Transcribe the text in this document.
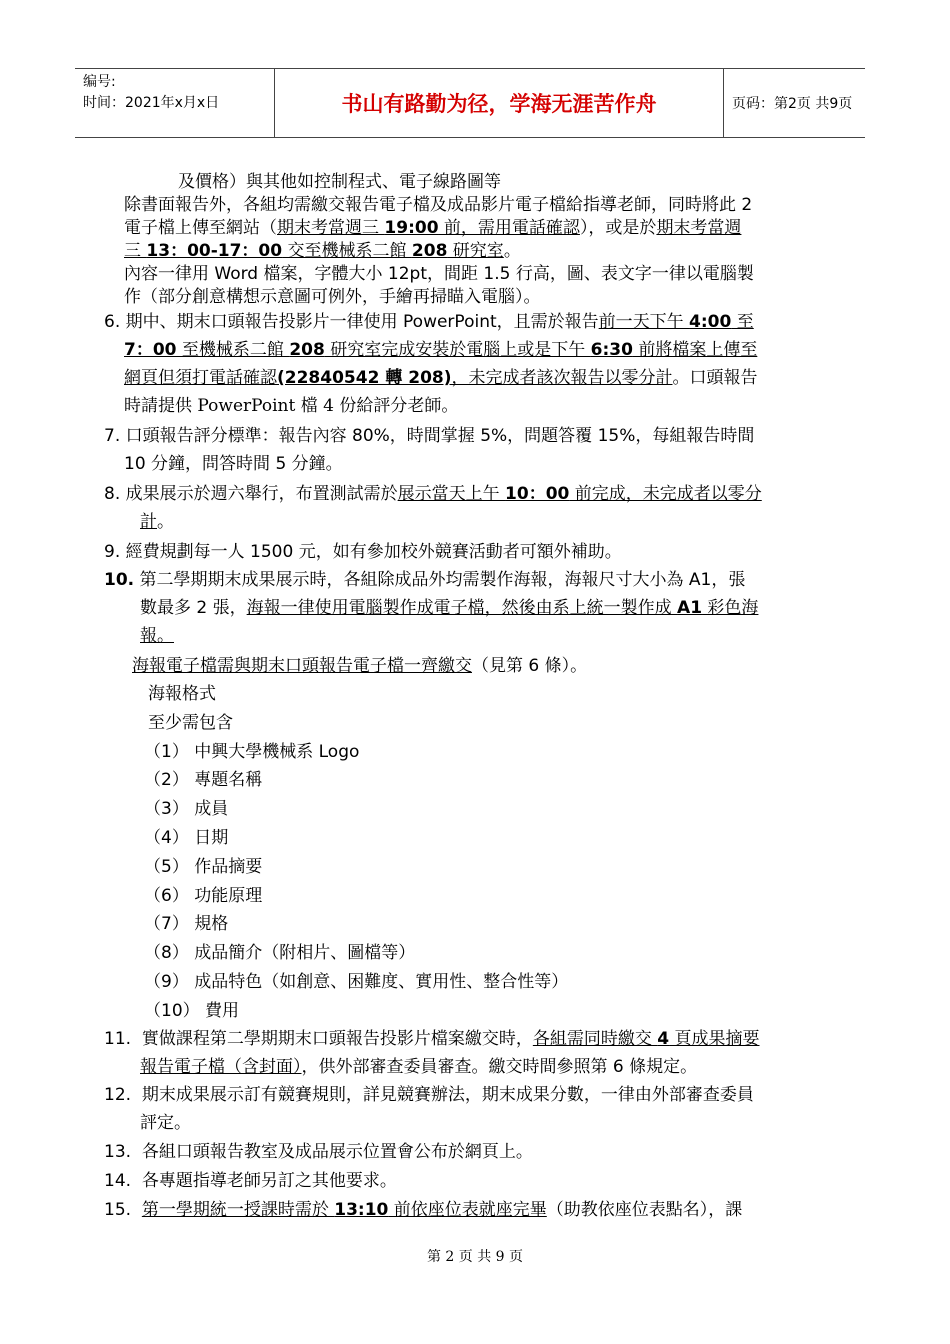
编号:
时间：2021年x月x日	书山有路勤为径，学海无涯苦作舟	页码：第2页 共9页
及價格）與其他如控制程式、電子線路圖等
除書面報告外，各組均需繳交報告電子檔及成品影片電子檔給指導老師，同時將此 2
電子檔上傳至網站（期末考當週三 19:00 前，需用電話確認），或是於期末考當週
三 13：00-17：00 交至機械系二館 208 研究室。
內容一律用 Word 檔案，字體大小 12pt，間距 1.5 行高，圖、表文字一律以電腦製
作（部分創意構想示意圖可例外，手繪再掃瞄入電腦）。
6. 期中、期末口頭報告投影片一律使用 PowerPoint，且需於報告前一天下午 4:00 至
7：00 至機械系二館 208 研究室完成安裝於電腦上或是下午 6:30 前將檔案上傳至
網頁但須打電話確認(22840542 轉 208)，未完成者該次報告以零分計。口頭報告
時請提供 PowerPoint 檔 4 份給評分老師。
7. 口頭報告評分標準：報告內容 80%，時間掌握 5%，問題答覆 15%，每組報告時間
10 分鐘，問答時間 5 分鐘。
8. 成果展示於週六舉行，布置測試需於展示當天上午 10：00 前完成，未完成者以零分
計。
9. 經費規劃每一人 1500 元，如有參加校外競賽活動者可額外補助。
10. 第二學期期末成果展示時，各組除成品外均需製作海報，海報尺寸大小為 A1，張
數最多 2 張，海報一律使用電腦製作成電子檔，然後由系上統一製作成 A1 彩色海
報。
海報電子檔需與期末口頭報告電子檔一齊繳交（見第 6 條）。
海報格式
至少需包含
（1） 中興大學機械系 Logo
（2） 專題名稱
（3） 成員
（4） 日期
（5） 作品摘要
（6） 功能原理
（7） 規格
（8） 成品簡介（附相片、圖檔等）
（9） 成品特色（如創意、困難度、實用性、整合性等）
（10） 費用
11.  實做課程第二學期期末口頭報告投影片檔案繳交時，各組需同時繳交 4 頁成果摘要
報告電子檔（含封面），供外部審查委員審查。繳交時間參照第 6 條規定。
12.  期末成果展示訂有競賽規則，詳見競賽辦法，期末成果分數，一律由外部審查委員
評定。
13.  各組口頭報告教室及成品展示位置會公布於網頁上。
14.  各專題指導老師另訂之其他要求。
15.  第一學期統一授課時需於 13:10 前依座位表就座完畢（助教依座位表點名），課
第 2 页 共 9 页
